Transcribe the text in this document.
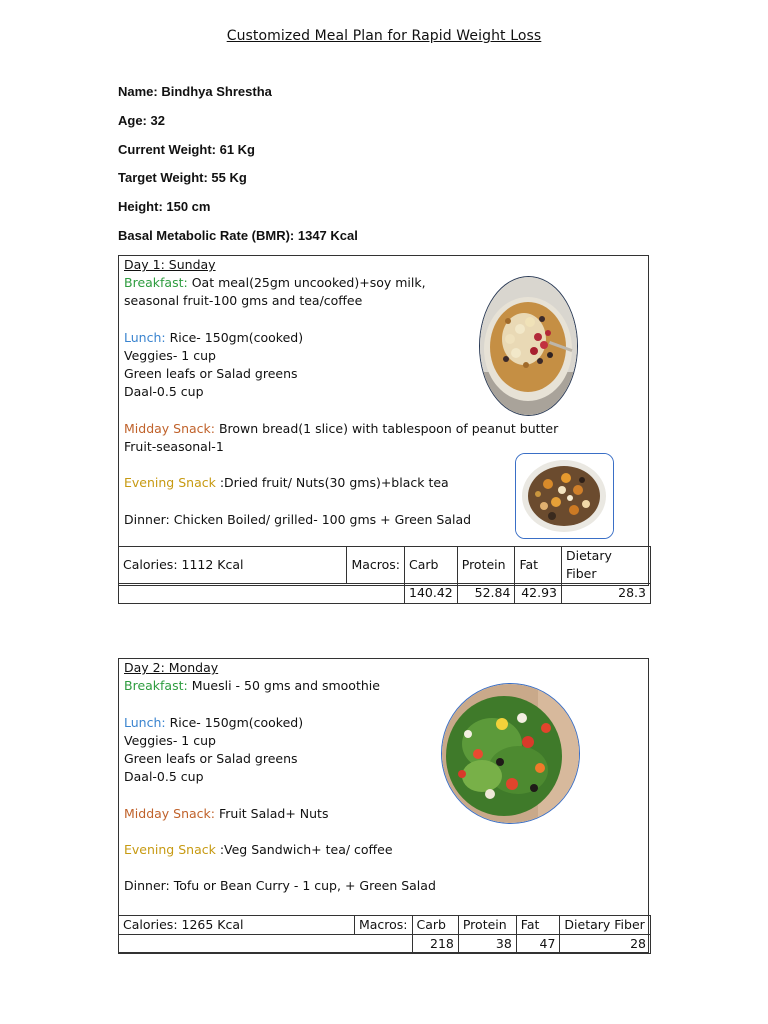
Customized Meal Plan for Rapid Weight Loss
Name: Bindhya Shrestha
Age: 32
Current Weight: 61 Kg
Target Weight: 55 Kg
Height: 150 cm
Basal Metabolic Rate (BMR): 1347 Kcal
Day 1: Sunday
Breakfast: Oat meal(25gm uncooked)+soy milk,
seasonal fruit-100 gms and tea/coffee
Lunch: Rice- 150gm(cooked)
Veggies- 1 cup
Green leafs or Salad greens
Daal-0.5 cup
Midday Snack: Brown bread(1 slice) with tablespoon of peanut butter
Fruit-seasonal-1
Evening Snack :Dried fruit/ Nuts(30 gms)+black tea
Dinner: Chicken Boiled/ grilled- 100 gms + Green Salad
Calories: 1112 Kcal	Macros:	Carb	Protein	Fat	Dietary Fiber
		140.42	52.84	42.93	28.3
Day 2: Monday
Breakfast: Muesli - 50 gms and smoothie
Lunch: Rice- 150gm(cooked)
Veggies- 1 cup
Green leafs or Salad greens
Daal-0.5 cup
Midday Snack: Fruit Salad+ Nuts
Evening Snack :Veg Sandwich+ tea/ coffee
Dinner: Tofu or Bean Curry - 1 cup, + Green Salad
Calories: 1265 Kcal	Macros:	Carb	Protein	Fat	Dietary Fiber
		218	38	47	28
